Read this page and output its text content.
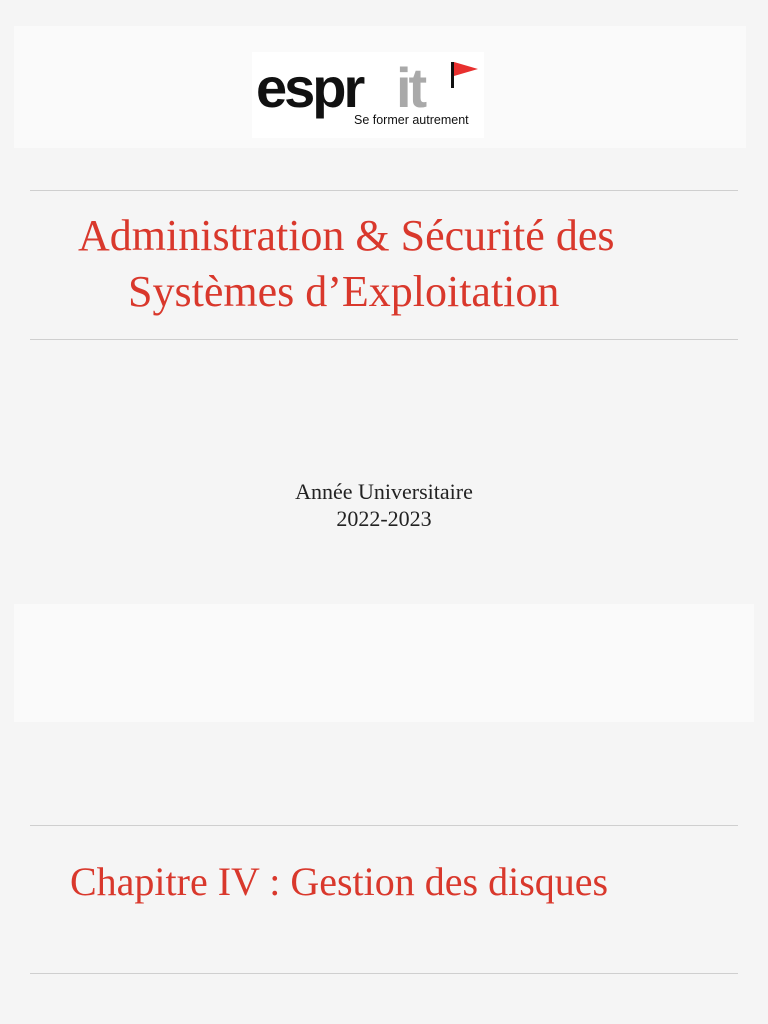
espr it
Se former autrement
Administration & Sécurité des
Systèmes d’Exploitation
Année Universitaire
2022-2023
Chapitre IV : Gestion des disques
